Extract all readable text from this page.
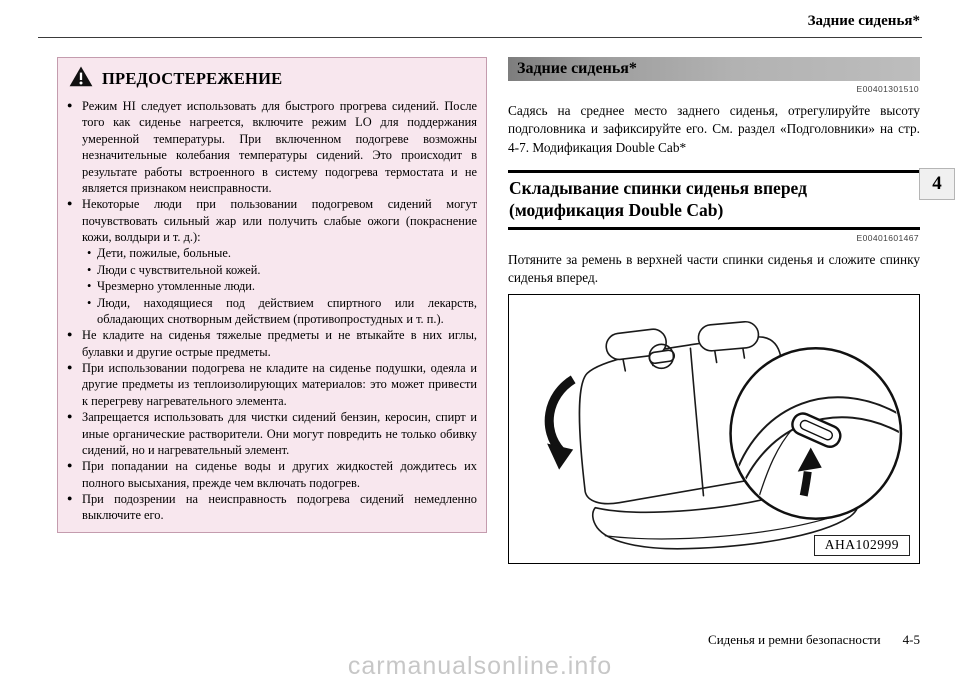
Задние сиденья*
ПРЕДОСТЕРЕЖЕНИЕ
● Режим HI следует использовать для быстрого прогрева сидений. После того как сиденье нагреется, включите режим LO для поддержания умеренной температуры. При включенном подогреве возможны незначительные колебания температуры сидений. Это происходит в результате работы встроенного в систему подогрева термостата и не является признаком неисправности.
● Некоторые люди при пользовании подогревом сидений могут почувствовать сильный жар или получить слабые ожоги (покраснение кожи, волдыри и т. д.):
• Дети, пожилые, больные.
• Люди с чувствительной кожей.
• Чрезмерно утомленные люди.
• Люди, находящиеся под действием спиртного или лекарств, обладающих снотворным действием (противопростудных и т. п.).
● Не кладите на сиденья тяжелые предметы и не втыкайте в них иглы, булавки и другие острые предметы.
● При использовании подогрева не кладите на сиденье подушки, одеяла и другие предметы из теплоизолирующих материалов: это может привести к перегреву нагревательного элемента.
● Запрещается использовать для чистки сидений бензин, керосин, спирт и иные органические растворители. Они могут повредить не только обивку сидений, но и нагревательный элемент.
● При попадании на сиденье воды и других жидкостей дождитесь их полного высыхания, прежде чем включать подогрев.
● При подозрении на неисправность подогрева сидений немедленно выключите его.
Задние сиденья*
E00401301510

Садясь на среднее место заднего сиденья, отрегулируйте высоту подголовника и зафиксируйте его. См. раздел «Подголовники» на стр. 4-7. Модификация Double Cab*

Складывание спинки сиденья вперед
(модификация Double Cab)
E00401601467

Потяните за ремень в верхней части спинки сиденья и сложите спинку сиденья вперед.

AHA102999
4
Сиденья и ремни безопасности 4-5
carmanualsonline.info
